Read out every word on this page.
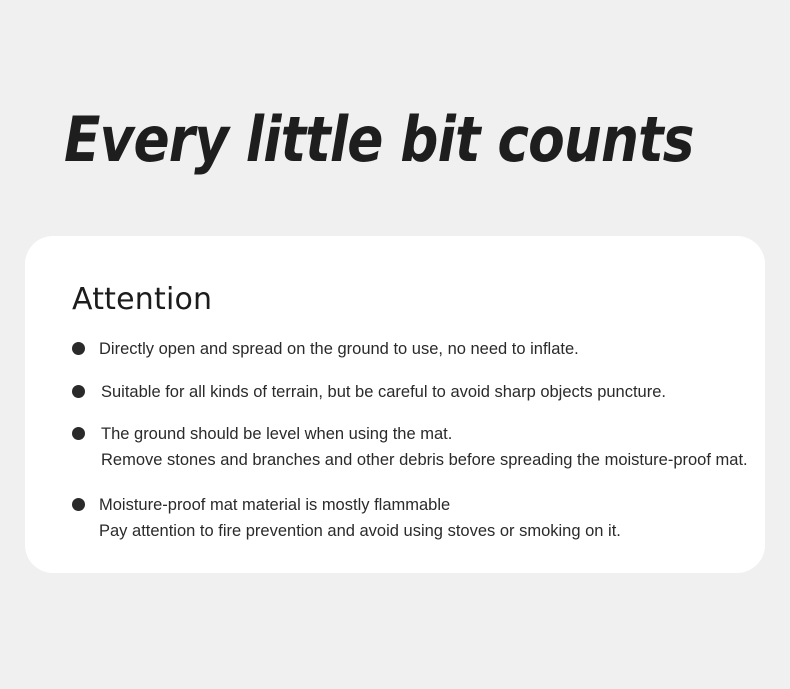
Every little bit counts
Attention
Directly open and spread on the ground to use, no need to inflate.
Suitable for all kinds of terrain, but be careful to avoid sharp objects puncture.
The ground should be level when using the mat.
Remove stones and branches and other debris before spreading the moisture-proof mat.
Moisture-proof mat material is mostly flammable
Pay attention to fire prevention and avoid using stoves or smoking on it.
